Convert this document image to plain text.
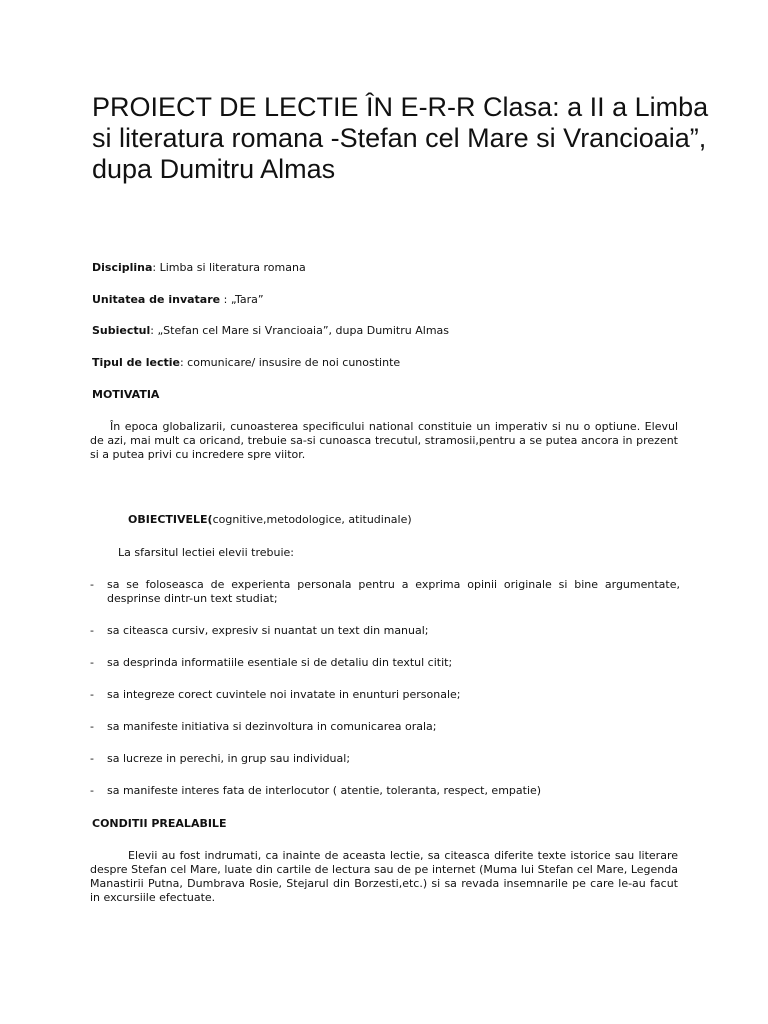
PROIECT DE LECTIE ÎN E-R-R Clasa: a II a Limba si literatura romana -Stefan cel Mare si Vrancioaia”, dupa Dumitru Almas

Disciplina: Limba si literatura romana

Unitatea de invatare : „Tara”

Subiectul: „Stefan cel Mare si Vrancioaia”, dupa Dumitru Almas

Tipul de lectie: comunicare/ insusire de noi cunostinte

MOTIVATIA

În epoca globalizarii, cunoasterea specificului national constituie un imperativ si nu o optiune. Elevul de azi, mai mult ca oricand, trebuie sa-si cunoasca trecutul, stramosii,pentru a se putea ancora in prezent si a putea privi cu incredere spre viitor.

OBIECTIVELE(cognitive,metodologice, atitudinale)

La sfarsitul lectiei elevii trebuie:

-	sa se foloseasca de experienta personala pentru a exprima opinii originale si bine argumentate, desprinse dintr-un text studiat;
-	sa citeasca cursiv, expresiv si nuantat un text din manual;
-	sa desprinda informatiile esentiale si de detaliu din textul citit;
-	sa integreze corect cuvintele noi invatate in enunturi personale;
-	sa manifeste initiativa si dezinvoltura in comunicarea orala;
-	sa lucreze in perechi, in grup sau individual;
-	sa manifeste interes fata de interlocutor ( atentie, toleranta, respect, empatie)

CONDITII PREALABILE

Elevii au fost indrumati, ca inainte de aceasta lectie, sa citeasca diferite texte istorice sau literare despre Stefan cel Mare, luate din cartile de lectura sau de pe internet (Muma lui Stefan cel Mare, Legenda Manastirii Putna, Dumbrava Rosie, Stejarul din Borzesti,etc.) si sa revada insemnarile pe care le-au facut in excursiile efectuate.
